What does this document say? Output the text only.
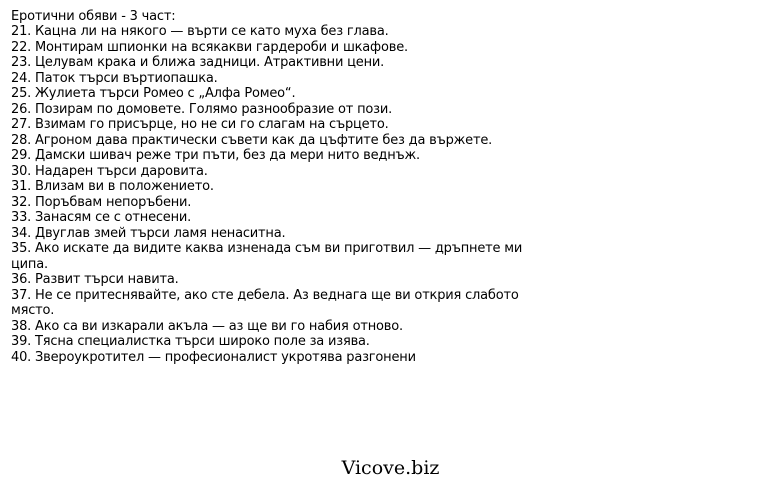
Еротични обяви - 3 част:

21. Кацна ли на някого — върти се като муха без глава.
22. Монтирам шпионки на всякакви гардероби и шкафове.
23. Целувам крака и ближа задници. Атрактивни цени.
24. Паток търси въртиопашка.
25. Жулиета търси Ромео с „Алфа Ромео“.
26. Позирам по домовете. Голямо разнообразие от пози.
27. Взимам го присърце, но не си го слагам на сърцето.
28. Агроном дава практически съвети как да цъфтите без да вържете.
29. Дамски шивач реже три пъти, без да мери нито веднъж.
30. Надарен търси даровита.
31. Влизам ви в положението.
32. Поръбвам непоръбени.
33. Занасям се с отнесени.
34. Двуглав змей търси ламя ненаситна.
35. Ако искате да видите каква изненада съм ви приготвил — дръпнете ми ципа.
36. Развит търси навита.
37. Не се притеснявайте, ако сте дебела. Аз веднага ще ви открия слабото място.
38. Ако са ви изкарали акъла — аз ще ви го набия отново.
39. Тясна специалистка търси широко поле за изява.
40. Звероукротител — професионалист укротява разгонени
Vicove.biz
